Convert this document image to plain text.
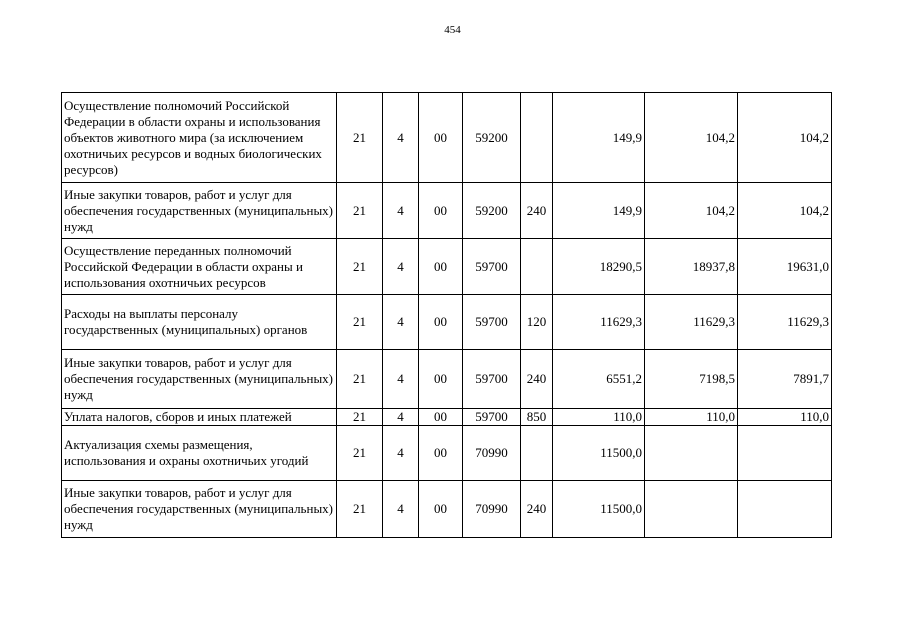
454
Осуществление полномочий Российской Федерации в области охраны и использования объектов животного мира (за исключением охотничьих ресурсов и водных биологических ресурсов)	21	4	00	59200		149,9	104,2	104,2
Иные закупки товаров, работ и услуг для обеспечения государственных (муниципальных) нужд	21	4	00	59200	240	149,9	104,2	104,2
Осуществление переданных полномочий Российской Федерации в области охраны и использования охотничьих ресурсов	21	4	00	59700		18290,5	18937,8	19631,0
Расходы на выплаты персоналу государственных (муниципальных) органов	21	4	00	59700	120	11629,3	11629,3	11629,3
Иные закупки товаров, работ и услуг для обеспечения государственных (муниципальных) нужд	21	4	00	59700	240	6551,2	7198,5	7891,7
Уплата налогов, сборов и иных платежей	21	4	00	59700	850	110,0	110,0	110,0
Актуализация схемы размещения, использования и охраны охотничьих угодий	21	4	00	70990		11500,0		
Иные закупки товаров, работ и услуг для обеспечения государственных (муниципальных) нужд	21	4	00	70990	240	11500,0		
